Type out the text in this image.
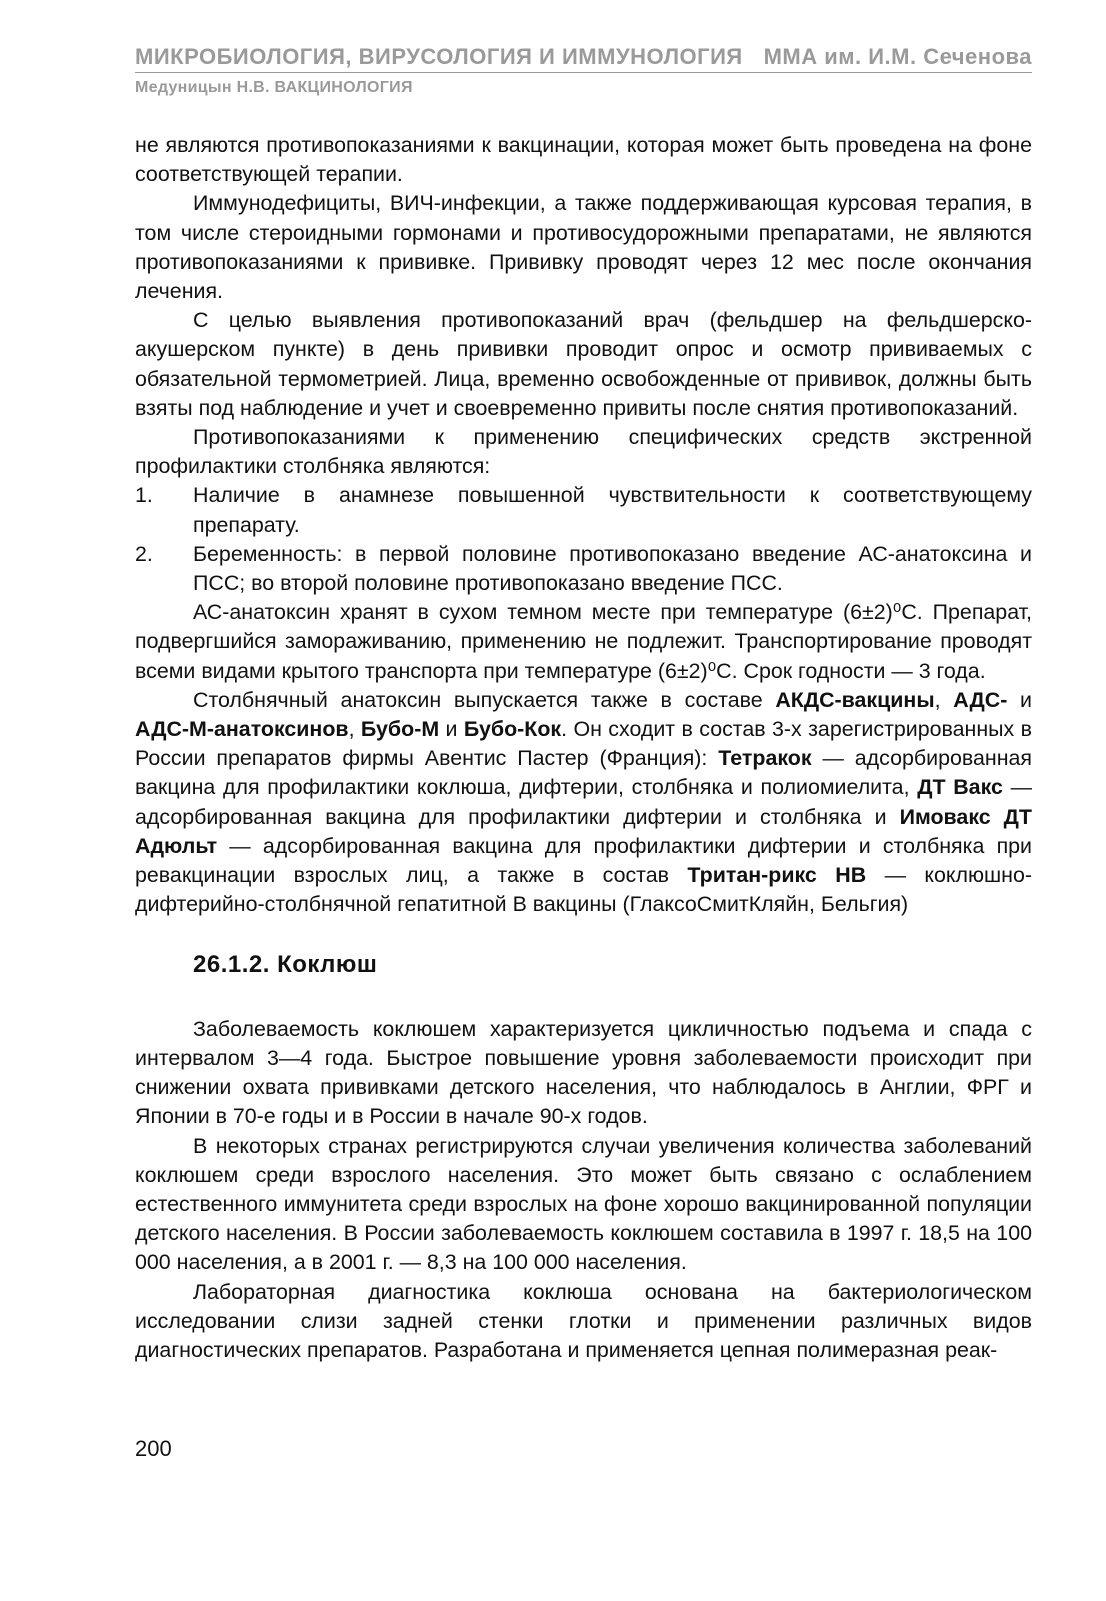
МИКРОБИОЛОГИЯ, ВИРУСОЛОГИЯ И ИММУНОЛОГИЯ ММА им. И.М. Сеченова
Медуницын Н.В. ВАКЦИНОЛОГИЯ

не являются противопоказаниями к вакцинации, которая может быть проведена на фоне соответствующей терапии.

Иммунодефициты, ВИЧ-инфекции, а также поддерживающая курсовая терапия, в том числе стероидными гормонами и противосудорожными препаратами, не являются противопоказаниями к прививке. Прививку проводят через 12 мес после окончания лечения.

С целью выявления противопоказаний врач (фельдшер на фельдшерско-акушерском пункте) в день прививки проводит опрос и осмотр прививаемых с обязательной термометрией. Лица, временно освобожденные от прививок, должны быть взяты под наблюдение и учет и своевременно привиты после снятия противопоказаний.

Противопоказаниями к применению специфических средств экстренной профилактики столбняка являются:

1.	Наличие в анамнезе повышенной чувствительности к соответствующему препарату.
2.	Беременность: в первой половине противопоказано введение АС-анатоксина и ПСС; во второй половине противопоказано введение ПСС.

АС-анатоксин хранят в сухом темном месте при температуре (6±2)⁰С. Препарат, подвергшийся замораживанию, применению не подлежит. Транспортирование проводят всеми видами крытого транспорта при температуре (6±2)⁰С. Срок годности — 3 года.

Столбнячный анатоксин выпускается также в составе АКДС-вакцины, АДС- и АДС-М-анатоксинов, Бубо-М и Бубо-Кок. Он сходит в состав 3-х зарегистрированных в России препаратов фирмы Авентис Пастер (Франция): Тетракок — адсорбированная вакцина для профилактики коклюша, дифтерии, столбняка и полиомиелита, ДТ Вакс — адсорбированная вакцина для профилактики дифтерии и столбняка и Имовакс ДТ Адюльт — адсорбированная вакцина для профилактики дифтерии и столбняка при ревакцинации взрослых лиц, а также в состав Тритан-рикс НВ — коклюшно-дифтерийно-столбнячной гепатитной В вакцины (ГлаксоСмитКляйн, Бельгия)

26.1.2. Коклюш

Заболеваемость коклюшем характеризуется цикличностью подъема и спада с интервалом 3—4 года. Быстрое повышение уровня заболеваемости происходит при снижении охвата прививками детского населения, что наблюдалось в Англии, ФРГ и Японии в 70-е годы и в России в начале 90-х годов.

В некоторых странах регистрируются случаи увеличения количества заболеваний коклюшем среди взрослого населения. Это может быть связано с ослаблением естественного иммунитета среди взрослых на фоне хорошо вакцинированной популяции детского населения. В России заболеваемость коклюшем составила в 1997 г. 18,5 на 100 000 населения, а в 2001 г. — 8,3 на 100 000 населения.

Лабораторная диагностика коклюша основана на бактериологическом исследовании слизи задней стенки глотки и применении различных видов диагностических препаратов. Разработана и применяется цепная полимеразная реак-

200
